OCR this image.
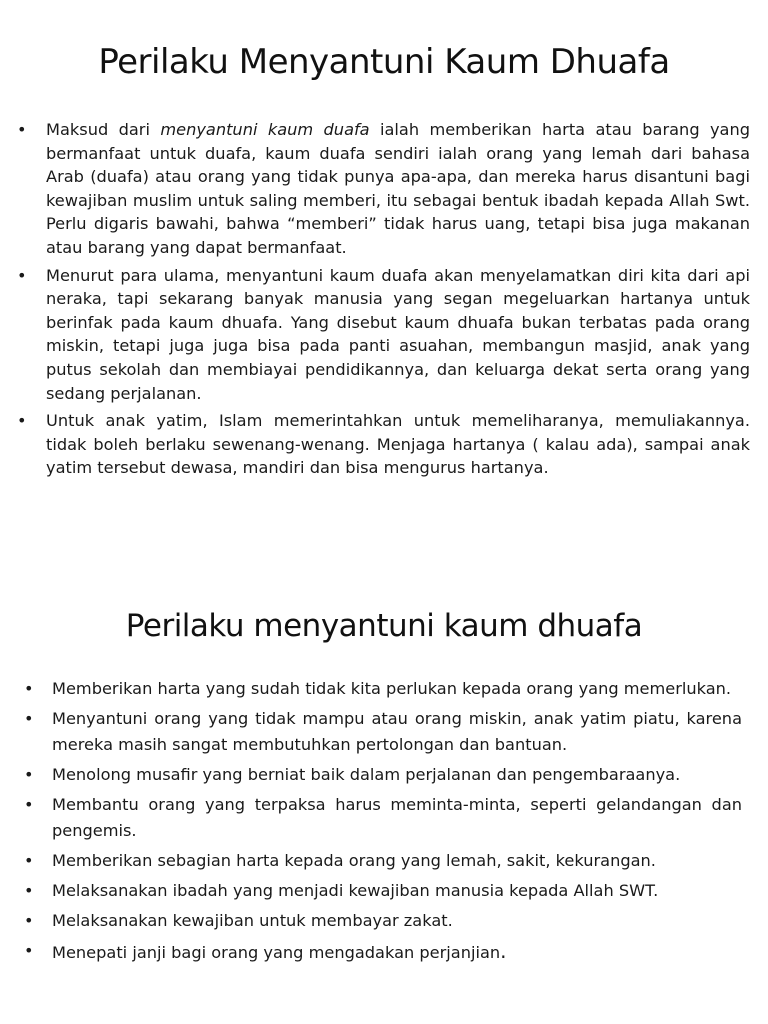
Perilaku Menyantuni Kaum Dhuafa
• Maksud dari menyantuni kaum duafa ialah memberikan harta atau barang yang bermanfaat untuk duafa, kaum duafa sendiri ialah orang yang lemah dari bahasa Arab (duafa) atau orang yang tidak punya apa-apa, dan mereka harus disantuni bagi kewajiban muslim untuk saling memberi, itu sebagai bentuk ibadah kepada Allah Swt. Perlu digaris bawahi, bahwa “memberi” tidak harus uang, tetapi bisa juga makanan atau barang yang dapat bermanfaat.
• Menurut para ulama, menyantuni kaum duafa akan menyelamatkan diri kita dari api neraka, tapi sekarang banyak manusia yang segan megeluarkan hartanya untuk berinfak pada kaum dhuafa. Yang disebut kaum dhuafa bukan terbatas pada orang miskin, tetapi juga juga bisa pada panti asuahan, membangun masjid, anak yang putus sekolah dan membiayai pendidikannya, dan keluarga dekat serta orang yang sedang perjalanan.
• Untuk anak yatim, Islam memerintahkan untuk memeliharanya, memuliakannya. tidak boleh berlaku sewenang-wenang. Menjaga hartanya ( kalau ada), sampai anak yatim tersebut dewasa, mandiri dan bisa mengurus hartanya.
Perilaku menyantuni kaum dhuafa
• Memberikan harta yang sudah tidak kita perlukan kepada orang yang memerlukan.
• Menyantuni orang yang tidak mampu atau orang miskin, anak yatim piatu, karena mereka masih sangat membutuhkan pertolongan dan bantuan.
• Menolong musafir yang berniat baik dalam perjalanan dan pengembaraanya.
• Membantu orang yang terpaksa harus meminta-minta, seperti gelandangan dan pengemis.
• Memberikan sebagian harta kepada orang yang lemah, sakit, kekurangan.
• Melaksanakan ibadah yang menjadi kewajiban manusia kepada Allah SWT.
• Melaksanakan kewajiban untuk membayar zakat.
• Menepati janji bagi orang yang mengadakan perjanjian.
